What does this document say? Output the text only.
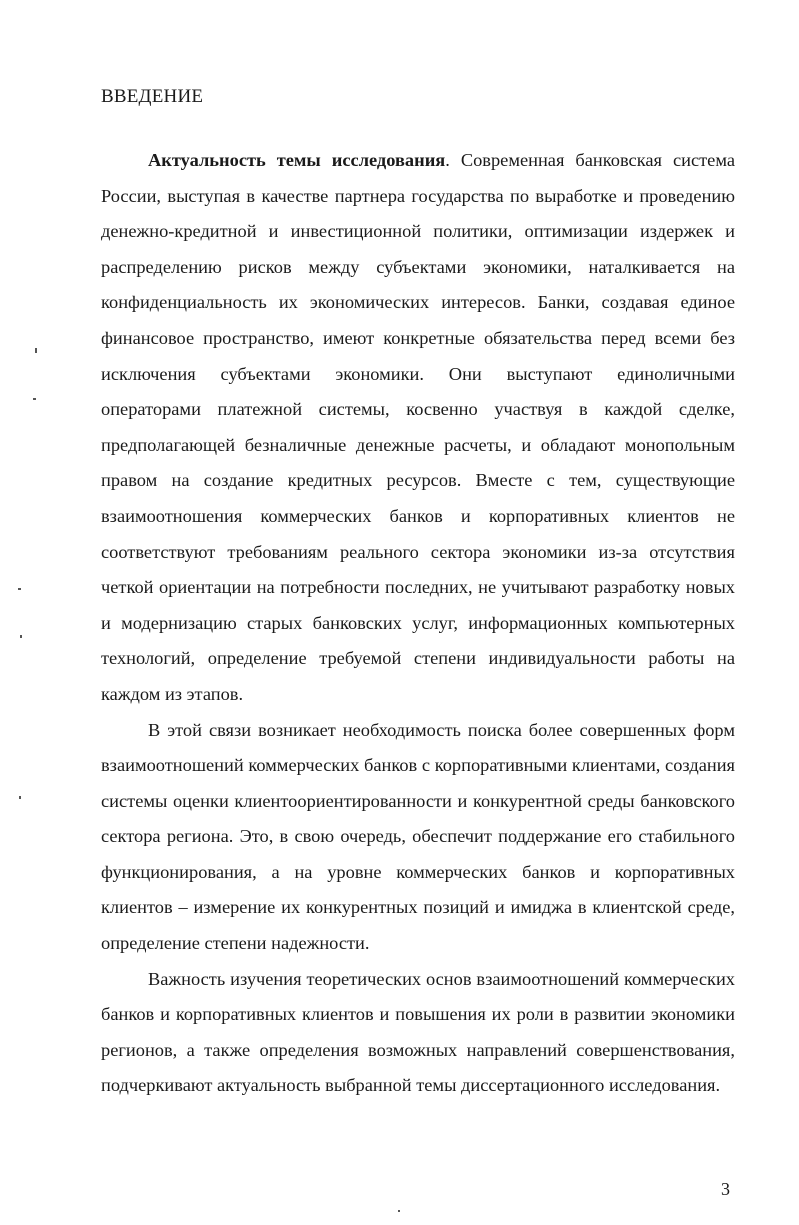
ВВЕДЕНИЕ

Актуальность темы исследования. Современная банковская система России, выступая в качестве партнера государства по выработке и проведению денежно-кредитной и инвестиционной политики, оптимизации издержек и распределению рисков между субъектами экономики, наталкивается на конфиденциальность их экономических интересов. Банки, создавая единое финансовое пространство, имеют конкретные обязательства перед всеми без исключения субъектами экономики. Они выступают единоличными операторами платежной системы, косвенно участвуя в каждой сделке, предполагающей безналичные денежные расчеты, и обладают монопольным правом на создание кредитных ресурсов. Вместе с тем, существующие взаимоотношения коммерческих банков и корпоративных клиентов не соответствуют требованиям реального сектора экономики из-за отсутствия четкой ориентации на потребности последних, не учитывают разработку новых и модернизацию старых банковских услуг, информационных компьютерных технологий, определение требуемой степени индивидуальности работы на каждом из этапов.

В этой связи возникает необходимость поиска более совершенных форм взаимоотношений коммерческих банков с корпоративными клиентами, создания системы оценки клиентоориентированности и конкурентной среды банковского сектора региона. Это, в свою очередь, обеспечит поддержание его стабильного функционирования, а на уровне коммерческих банков и корпоративных клиентов – измерение их конкурентных позиций и имиджа в клиентской среде, определение степени надежности.

Важность изучения теоретических основ взаимоотношений коммерческих банков и корпоративных клиентов и повышения их роли в развитии экономики регионов, а также определения возможных направлений совершенствования, подчеркивают актуальность выбранной темы диссертационного исследования.

3
